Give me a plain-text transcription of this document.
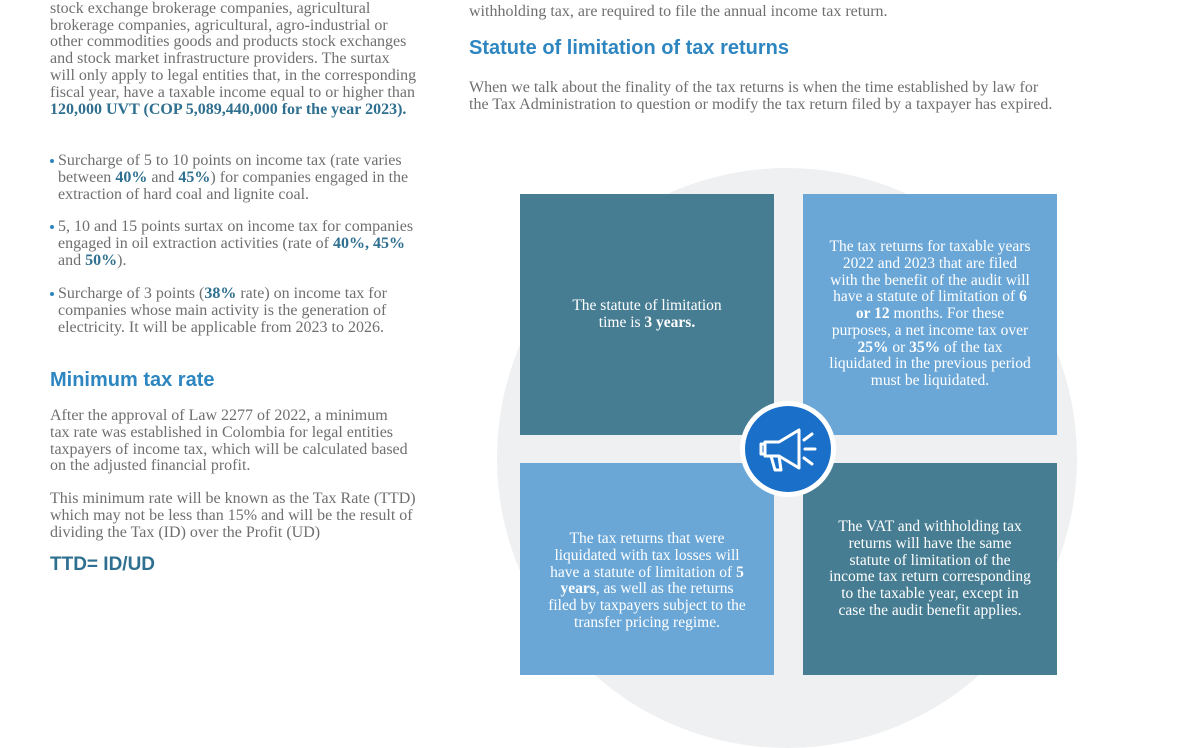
stock exchange brokerage companies, agricultural

brokerage companies, agricultural, agro-industrial or

other commodities goods and products stock exchanges

and stock market infrastructure providers. The surtax

will only apply to legal entities that, in the corresponding

fiscal year, have a taxable income equal to or higher than

120,000 UVT (COP 5,089,440,000 for the year 2023).

Surcharge of 5 to 10 points on income tax (rate varies

between 40% and 45%) for companies engaged in the

extraction of hard coal and lignite coal.

5, 10 and 15 points surtax on income tax for companies

engaged in oil extraction activities (rate of 40%, 45%

and 50%).

Surcharge of 3 points (38% rate) on income tax for

companies whose main activity is the generation of

electricity. It will be applicable from 2023 to 2026.

Minimum tax rate

After the approval of Law 2277 of 2022, a minimum

tax rate was established in Colombia for legal entities

taxpayers of income tax, which will be calculated based

on the adjusted financial profit.

This minimum rate will be known as the Tax Rate (TTD)

which may not be less than 15% and will be the result of

dividing the Tax (ID) over the Profit (UD)

TTD= ID/UD

withholding tax, are required to file the annual income tax return.

Statute of limitation of tax returns

When we talk about the finality of the tax returns is when the time established by law for

the Tax Administration to question or modify the tax return filed by a taxpayer has expired.

The statute of limitation
time is 3 years.
The tax returns for taxable years 2022 and 2023 that are filed with the benefit of the audit will have a statute of limitation of 6 or 12 months. For these purposes, a net income tax over 25% or 35% of the tax liquidated in the previous period must be liquidated.
The tax returns that were liquidated with tax losses will have a statute of limitation of 5 years, as well as the returns filed by taxpayers subject to the transfer pricing regime.
The VAT and withholding tax returns will have the same statute of limitation of the income tax return corresponding to the taxable year, except in case the audit benefit applies.
